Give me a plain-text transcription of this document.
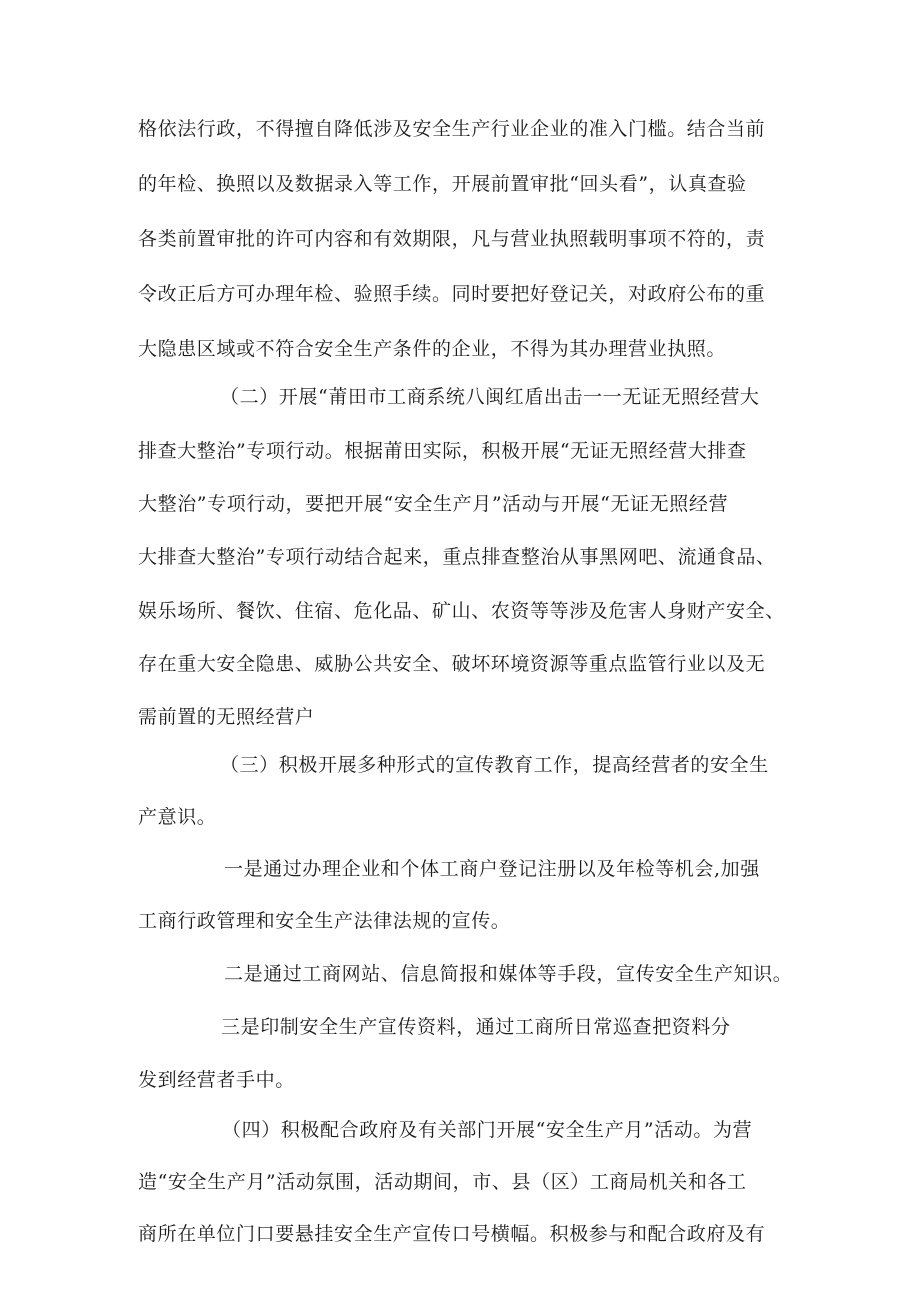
格依法行政，不得擅自降低涉及安全生产行业企业的准入门槛。结合当前
的年检、换照以及数据录入等工作，开展前置审批“回头看”，认真查验
各类前置审批的许可内容和有效期限，凡与营业执照载明事项不符的，责
令改正后方可办理年检、验照手续。同时要把好登记关，对政府公布的重
大隐患区域或不符合安全生产条件的企业，不得为其办理营业执照。
（二）开展“莆田市工商系统八闽红盾出击一一无证无照经营大
排查大整治”专项行动。根据莆田实际，积极开展“无证无照经营大排查
大整治”专项行动，要把开展“安全生产月”活动与开展“无证无照经营
大排查大整治”专项行动结合起来，重点排查整治从事黑网吧、流通食品、
娱乐场所、餐饮、住宿、危化品、矿山、农资等等涉及危害人身财产安全、
存在重大安全隐患、威胁公共安全、破坏环境资源等重点监管行业以及无
需前置的无照经营户
（三）积极开展多种形式的宣传教育工作，提高经营者的安全生
产意识。
一是通过办理企业和个体工商户登记注册以及年检等机会,加强
工商行政管理和安全生产法律法规的宣传。
二是通过工商网站、信息简报和媒体等手段，宣传安全生产知识。
三是印制安全生产宣传资料，通过工商所日常巡查把资料分
发到经营者手中。
（四）积极配合政府及有关部门开展“安全生产月”活动。为营
造“安全生产月”活动氛围，活动期间，市、县（区）工商局机关和各工
商所在单位门口要悬挂安全生产宣传口号横幅。积极参与和配合政府及有
